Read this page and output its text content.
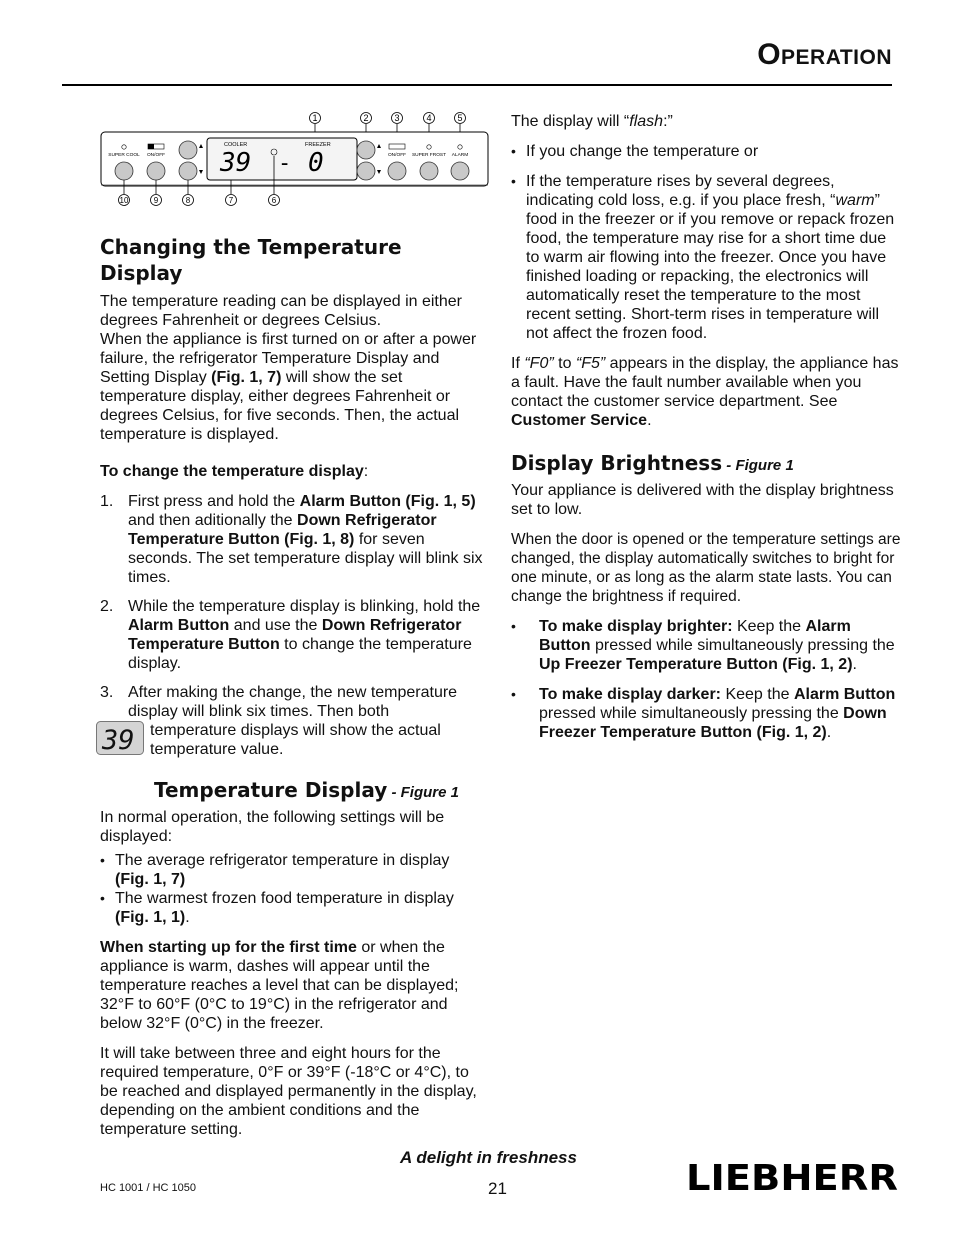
Operation
1	2	3	4	5
COOLER	FREEZER
39 - 0
SUPER COOL ON/OFF	ON/OFF SUPER FROST ALARM
10	9	8	7	6
Changing the Temperature Display

The temperature reading can be displayed in either degrees Fahrenheit or degrees Celsius.

When the appliance is first turned on or after a power failure, the refrigerator Temperature Display and Setting Display (Fig. 1, 7) will show the set temperature display, either degrees Fahrenheit or degrees Celsius, for five seconds. Then, the actual temperature is displayed.

To change the temperature display:

1. First press and hold the Alarm Button (Fig. 1, 5) and then aditionally the Down Refrigerator Temperature Button (Fig. 1, 8) for seven seconds. The set temperature display will blink six times.
2. While the temperature display is blinking, hold the Alarm Button and use the Down Refrigerator Temperature Button to change the temperature display.
3. After making the change, the new temperature display will blink six times. Then both
39 temperature displays will show the actual temperature value.
Temperature Display - Figure 1

In normal operation, the following settings will be displayed:

• The average refrigerator temperature in display (Fig. 1, 7)
• The warmest frozen food temperature in display (Fig. 1, 1).

When starting up for the first time or when the appliance is warm, dashes will appear until the temperature reaches a level that can be displayed; 32°F to 60°F (0°C to 19°C) in the refrigerator and below 32°F (0°C) in the freezer.

It will take between three and eight hours for the required temperature, 0°F or 39°F (-18°C or 4°C), to be reached and displayed permanently in the display, depending on the ambient conditions and the temperature setting.

The display will “flash:”

• If you change the temperature or
• If the temperature rises by several degrees, indicating cold loss, e.g. if you place fresh, “warm” food in the freezer or if you remove or repack frozen food, the temperature may rise for a short time due to warm air flowing into the freezer. Once you have finished loading or repacking, the electronics will automatically reset the temperature to the most recent setting. Short-term rises in temperature will not affect the frozen food.

If “F0” to “F5” appears in the display, the appliance has a fault. Have the fault number available when you contact the customer service department. See Customer Service.

Display Brightness - Figure 1

Your appliance is delivered with the display brightness set to low.

When the door is opened or the temperature settings are changed, the display automatically switches to bright for one minute, or as long as the alarm state lasts. You can change the brightness if required.

• To make display brighter: Keep the Alarm Button pressed while simultaneously pressing the Up Freezer Temperature Button (Fig. 1, 2).
• To make display darker: Keep the Alarm Button pressed while simultaneously pressing the Down Freezer Temperature Button (Fig. 1, 2).
A delight in freshness
HC 1001 / HC 1050	21	LIEBHERR
